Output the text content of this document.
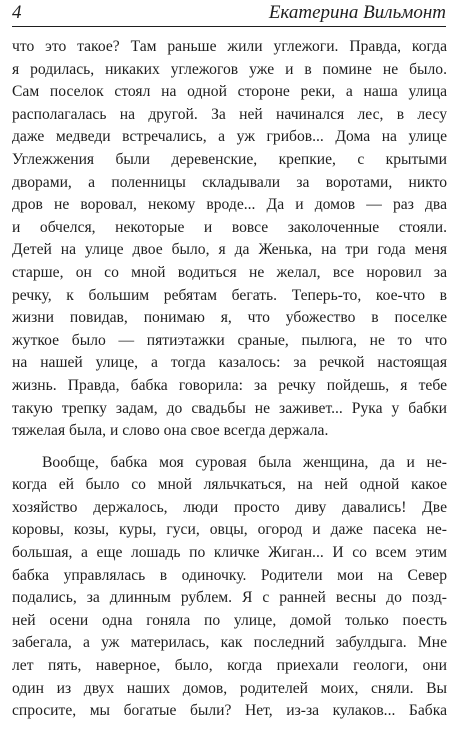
4	Екатерина Вильмонт

что это такое? Там раньше жили углежоги. Правда, когда
я родилась, никаких углежогов уже и в помине не было.
Сам поселок стоял на одной стороне реки, а наша улица
располагалась на другой. За ней начинался лес, в лесу
даже медведи встречались, а уж грибов... Дома на улице
Углежжения были деревенские, крепкие, с крытыми
дворами, а поленницы складывали за воротами, никто
дров не воровал, некому вроде... Да и домов — раз два
и обчелся, некоторые и вовсе заколоченные стояли.
Детей на улице двое было, я да Женька, на три года меня
старше, он со мной водиться не желал, все норовил за
речку, к большим ребятам бегать. Теперь-то, кое-что в
жизни повидав, понимаю я, что убожество в поселке
жуткое было — пятиэтажки сраные, пылюга, не то что
на нашей улице, а тогда казалось: за речкой настоящая
жизнь. Правда, бабка говорила: за речку пойдешь, я тебе
такую трепку задам, до свадьбы не заживет... Рука у бабки
тяжелая была, и слово она свое всегда держала.

Вообще, бабка моя суровая была женщина, да и не-
когда ей было со мной ляльчкаться, на ней одной какое
хозяйство держалось, люди просто диву давались! Две
коровы, козы, куры, гуси, овцы, огород и даже пасека не-
большая, а еще лошадь по кличке Жиган... И со всем этим
бабка управлялась в одиночку. Родители мои на Север
подались, за длинным рублем. Я с ранней весны до позд-
ней осени одна гоняла по улице, домой только поесть
забегала, а уж материлась, как последний забулдыга. Мне
лет пять, наверное, было, когда приехали геологи, они
один из двух наших домов, родителей моих, сняли. Вы
спросите, мы богатые были? Нет, из-за кулаков... Бабка
